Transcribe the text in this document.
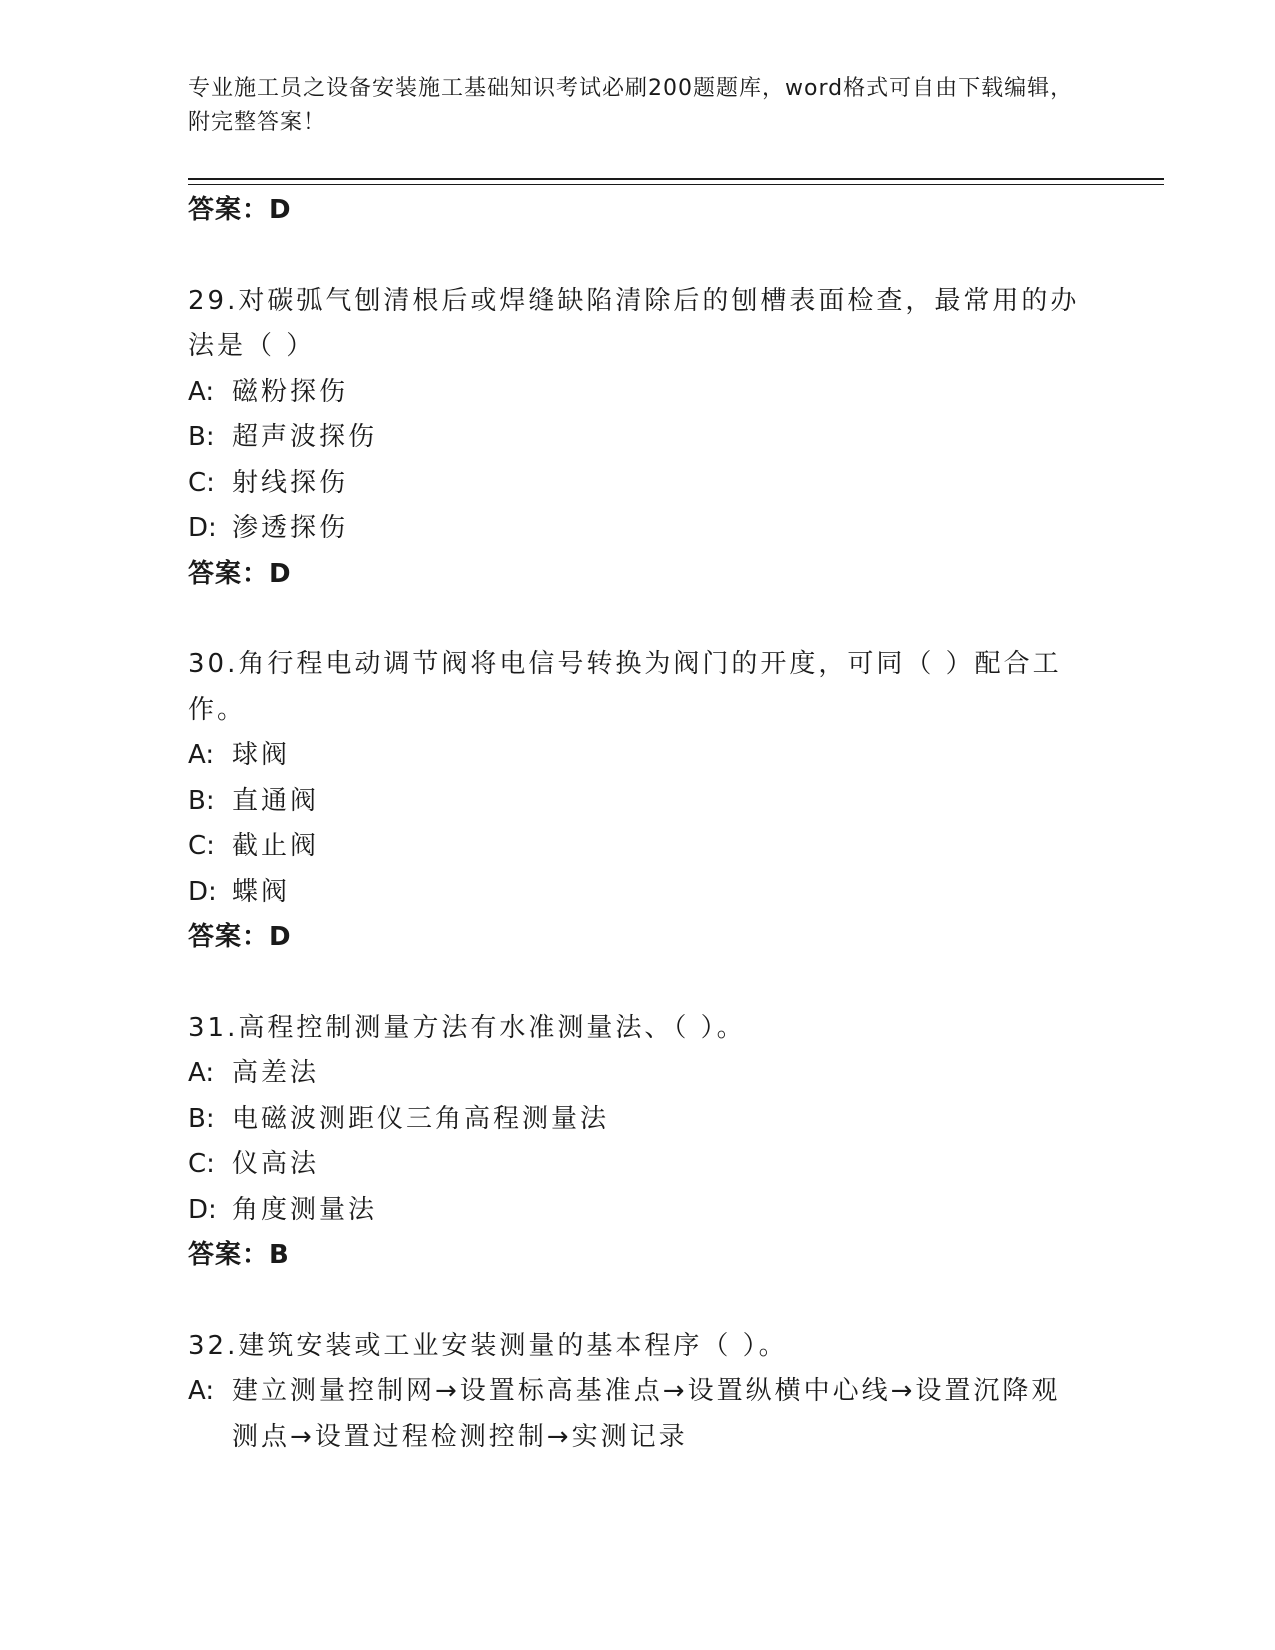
专业施工员之设备安装施工基础知识考试必刷200题题库，word格式可自由下载编辑，附完整答案！
答案：D

29.对碳弧气刨清根后或焊缝缺陷清除后的刨槽表面检查，最常用的办法是（ ）

A: 磁粉探伤

B: 超声波探伤

C: 射线探伤

D: 渗透探伤

答案：D

30.角行程电动调节阀将电信号转换为阀门的开度，可同（ ）配合工作。

A: 球阀

B: 直通阀

C: 截止阀

D: 蝶阀

答案：D

31.高程控制测量方法有水准测量法、（ ）。

A: 高差法

B: 电磁波测距仪三角高程测量法

C: 仪高法

D: 角度测量法

答案：B

32.建筑安装或工业安装测量的基本程序（ ）。

A: 建立测量控制网→设置标高基准点→设置纵横中心线→设置沉降观测点→设置过程检测控制→实测记录
